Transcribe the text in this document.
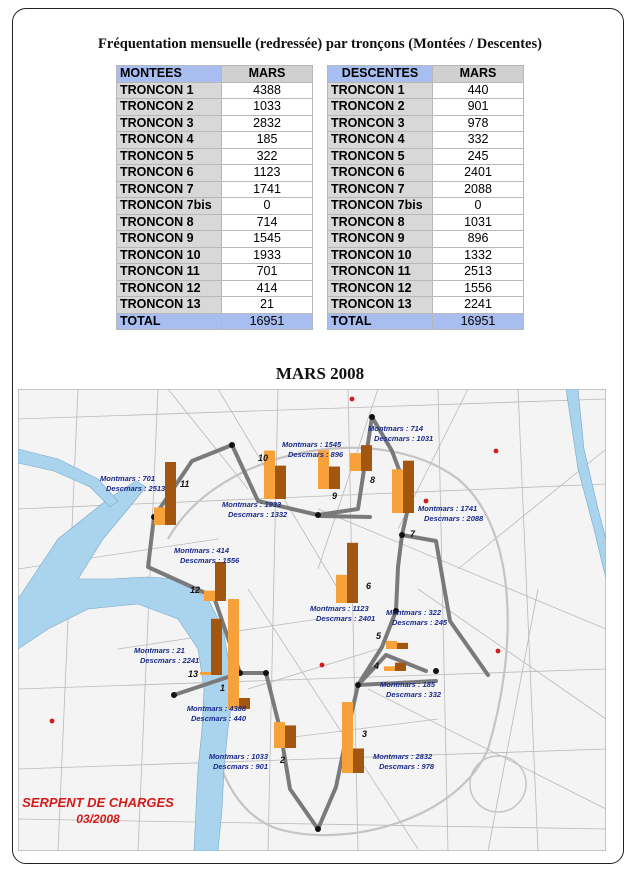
Fréquentation mensuelle (redressée) par tronçons (Montées / Descentes)
MONTEES	MARS
TRONCON 1	4388
TRONCON 2	1033
TRONCON 3	2832
TRONCON 4	185
TRONCON 5	322
TRONCON 6	1123
TRONCON 7	1741
TRONCON 7bis	0
TRONCON 8	714
TRONCON 9	1545
TRONCON 10	1933
TRONCON 11	701
TRONCON 12	414
TRONCON 13	21
TOTAL	16951
DESCENTES	MARS
TRONCON 1	440
TRONCON 2	901
TRONCON 3	978
TRONCON 4	332
TRONCON 5	245
TRONCON 6	2401
TRONCON 7	2088
TRONCON 7bis	0
TRONCON 8	1031
TRONCON 9	896
TRONCON 10	1332
TRONCON 11	2513
TRONCON 12	1556
TRONCON 13	2241
TOTAL	16951
MARS 2008
1
Montmars : 4388
Descmars : 440
2
Montmars : 1033
Descmars : 901
3
Montmars : 2832
Descmars : 978
4
Montmars : 185
Descmars : 332
5
Montmars : 322
Descmars : 245
6
Montmars : 1123
Descmars : 2401
7
Montmars : 1741
Descmars : 2088
8
Montmars : 714
Descmars : 1031
9
Montmars : 1545
Descmars : 896
10
Montmars : 1933
Descmars : 1332
11
Montmars : 701
Descmars : 2513
12
Montmars : 414
Descmars : 1556
13
Montmars : 21
Descmars : 2241
SERPENT DE CHARGES
03/2008
